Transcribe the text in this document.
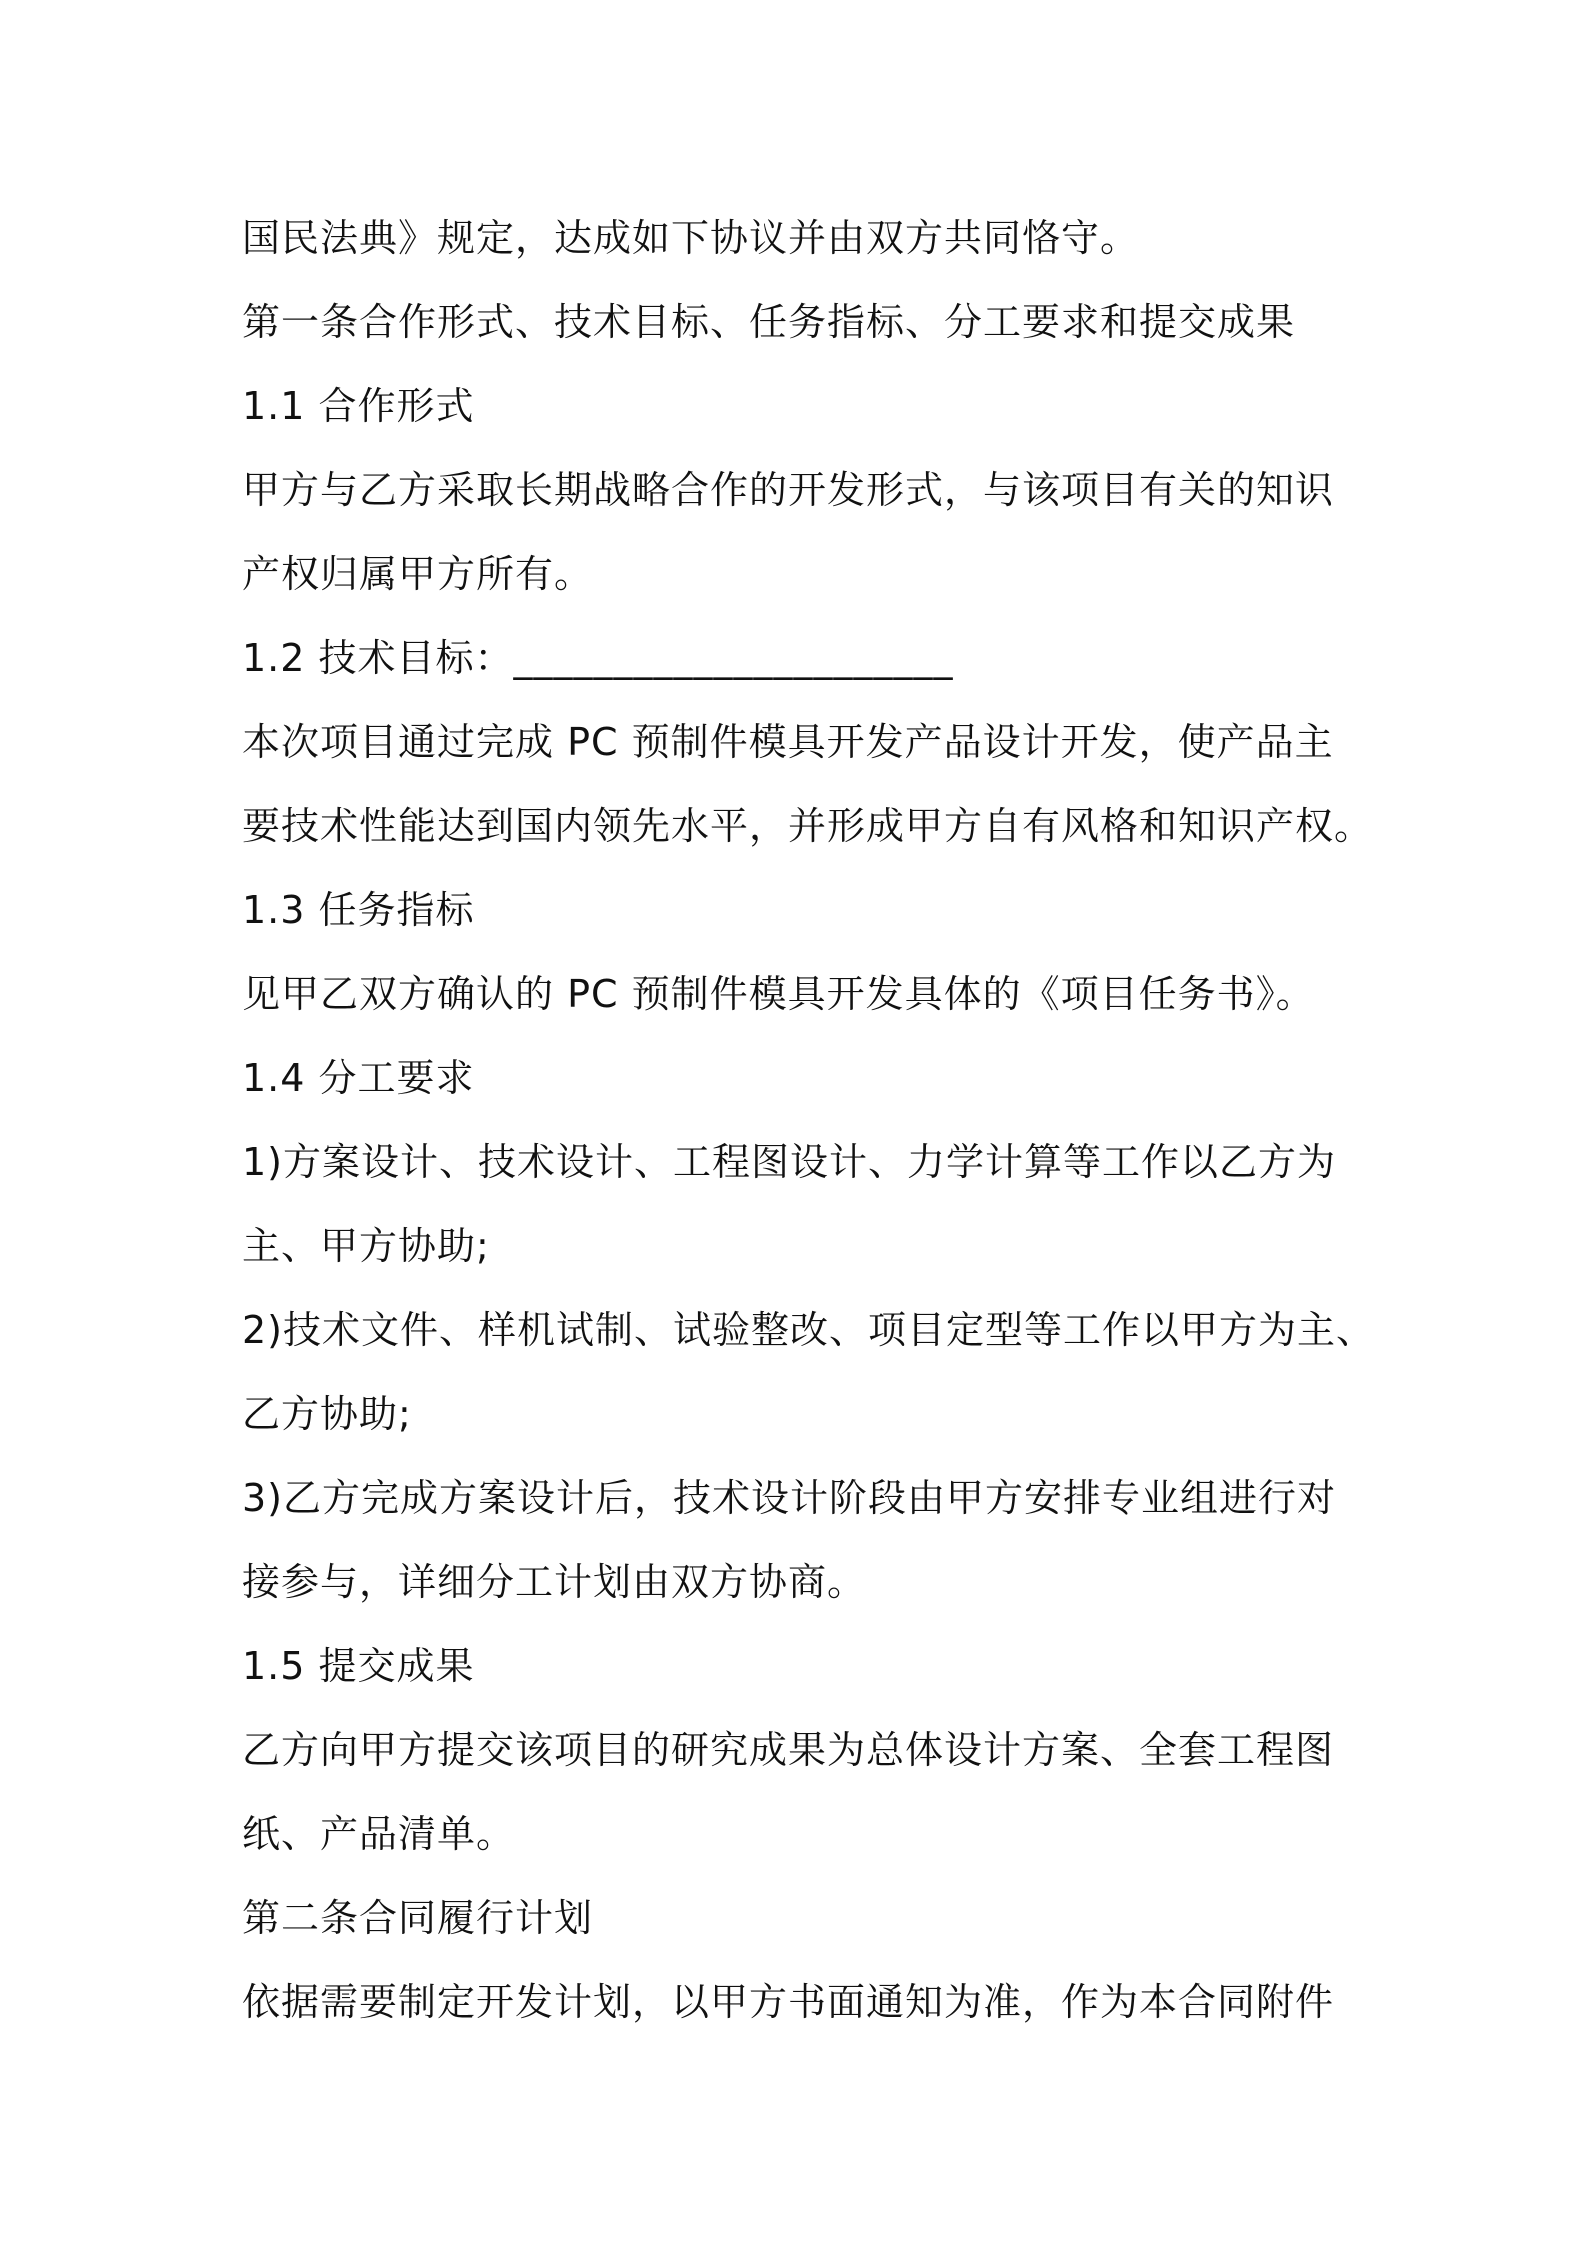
国民法典》规定，达成如下协议并由双方共同恪守。
第一条合作形式、技术目标、任务指标、分工要求和提交成果
1.1 合作形式
甲方与乙方采取长期战略合作的开发形式，与该项目有关的知识
产权归属甲方所有。
1.2 技术目标：______________________
本次项目通过完成 PC 预制件模具开发产品设计开发，使产品主
要技术性能达到国内领先水平，并形成甲方自有风格和知识产权。
1.3 任务指标
见甲乙双方确认的 PC 预制件模具开发具体的《项目任务书》。
1.4 分工要求
1)方案设计、技术设计、工程图设计、力学计算等工作以乙方为
主、甲方协助;
2)技术文件、样机试制、试验整改、项目定型等工作以甲方为主、
乙方协助;
3)乙方完成方案设计后，技术设计阶段由甲方安排专业组进行对
接参与，详细分工计划由双方协商。
1.5 提交成果
乙方向甲方提交该项目的研究成果为总体设计方案、全套工程图
纸、产品清单。
第二条合同履行计划
依据需要制定开发计划，以甲方书面通知为准，作为本合同附件
